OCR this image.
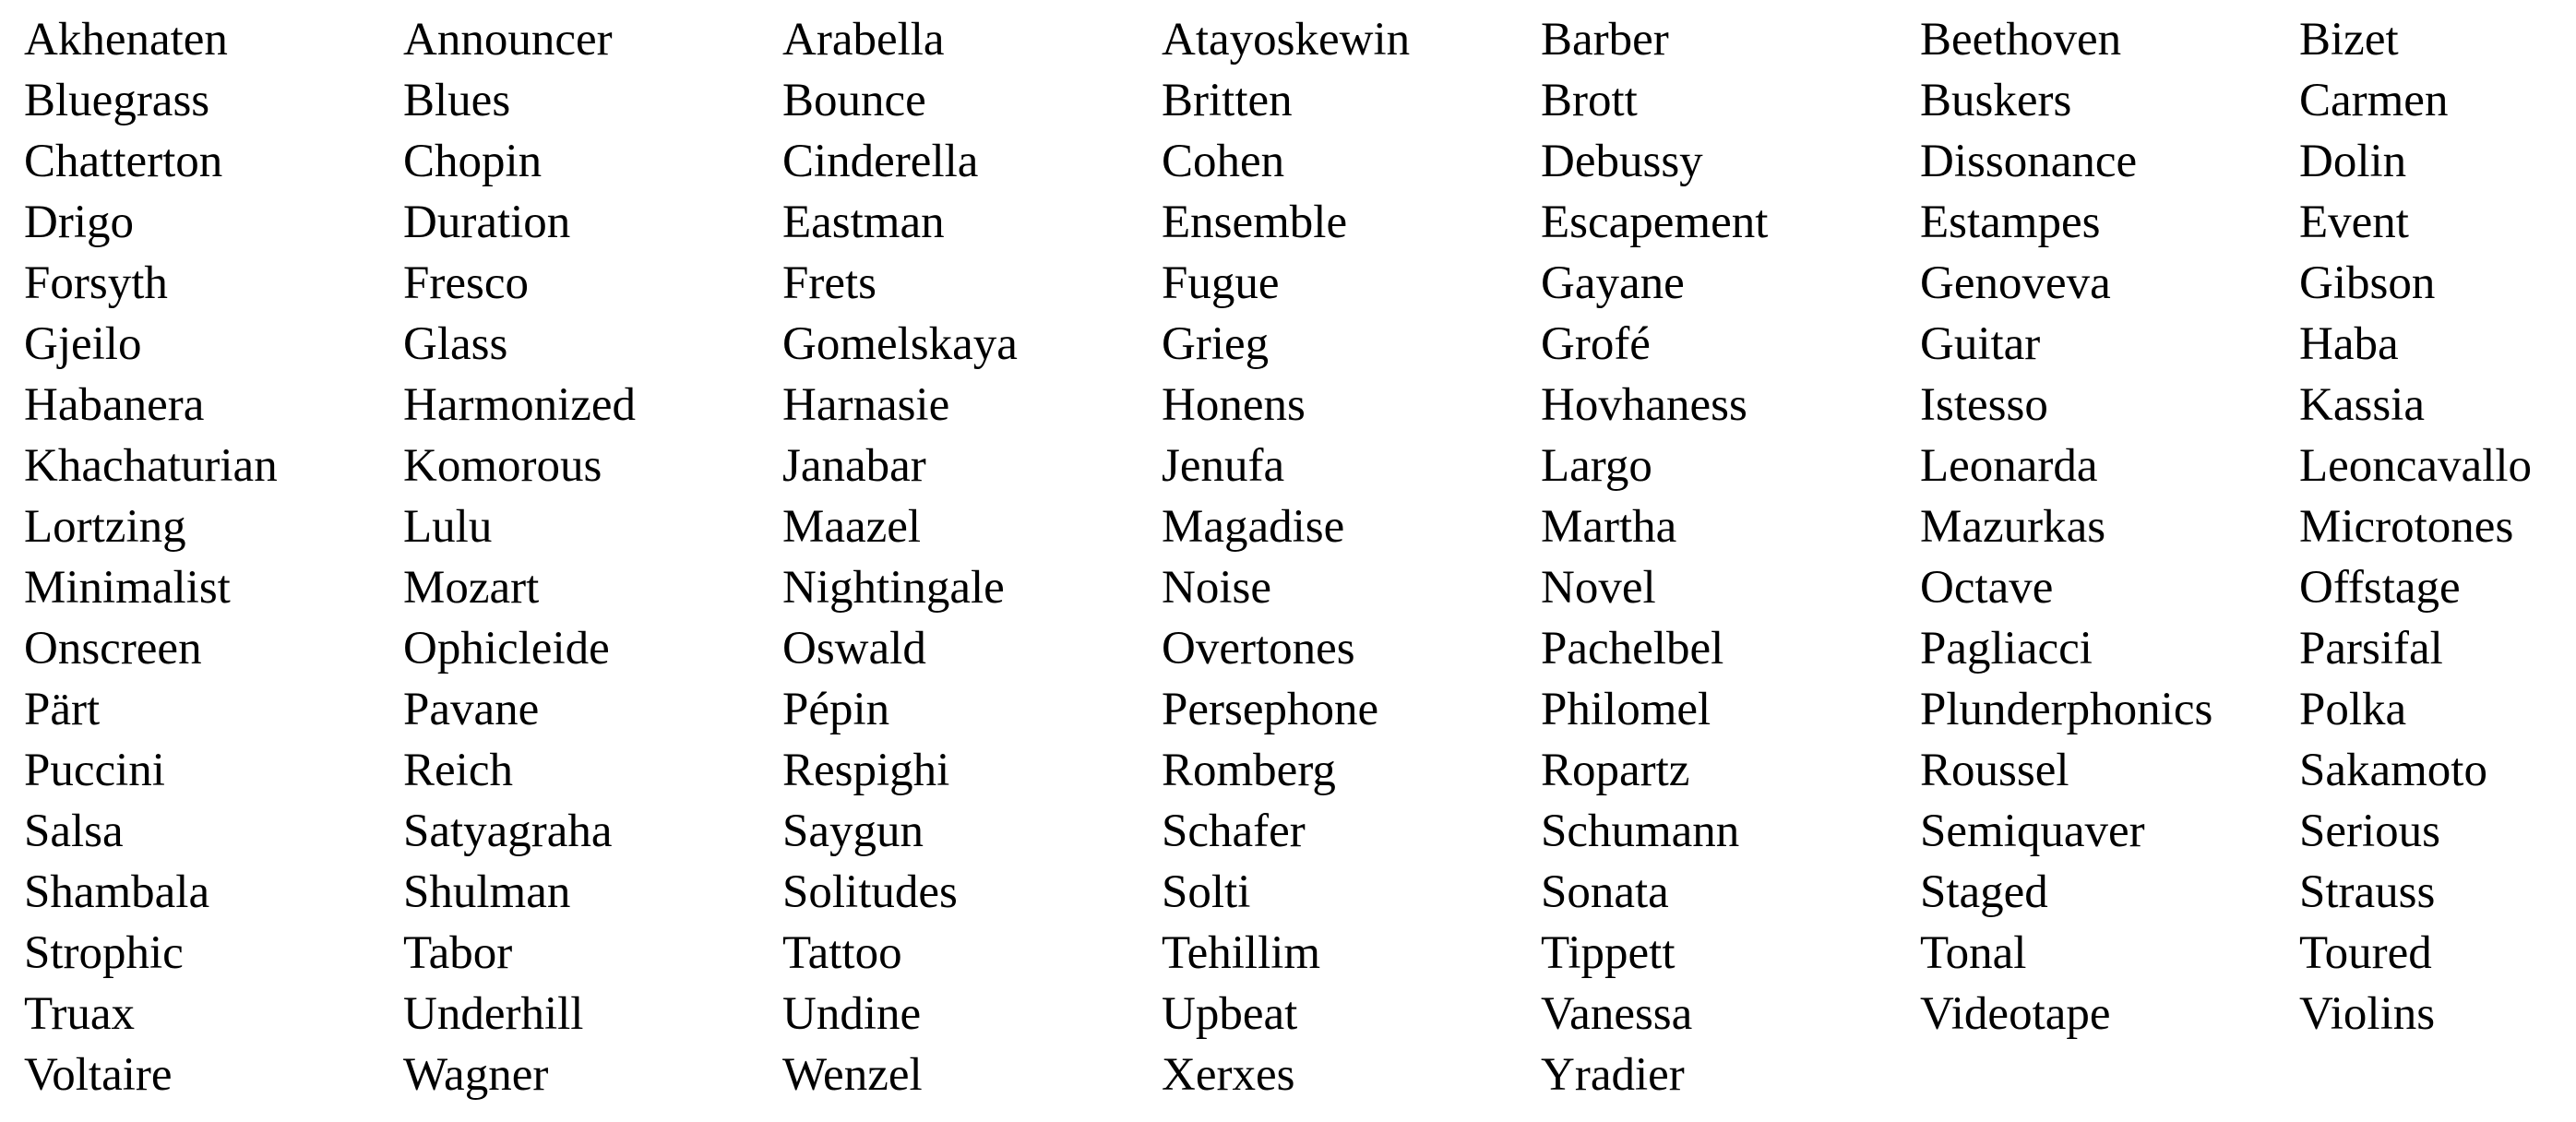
Akhenaten	Announcer	Arabella	Atayoskewin	Barber	Beethoven	Bizet
Bluegrass	Blues	Bounce	Britten	Brott	Buskers	Carmen
Chatterton	Chopin	Cinderella	Cohen	Debussy	Dissonance	Dolin
Drigo	Duration	Eastman	Ensemble	Escapement	Estampes	Event
Forsyth	Fresco	Frets	Fugue	Gayane	Genoveva	Gibson
Gjeilo	Glass	Gomelskaya	Grieg	Grofé	Guitar	Haba
Habanera	Harmonized	Harnasie	Honens	Hovhaness	Istesso	Kassia
Khachaturian	Komorous	Janabar	Jenufa	Largo	Leonarda	Leoncavallo
Lortzing	Lulu	Maazel	Magadise	Martha	Mazurkas	Microtones
Minimalist	Mozart	Nightingale	Noise	Novel	Octave	Offstage
Onscreen	Ophicleide	Oswald	Overtones	Pachelbel	Pagliacci	Parsifal
Pärt	Pavane	Pépin	Persephone	Philomel	Plunderphonics	Polka
Puccini	Reich	Respighi	Romberg	Ropartz	Roussel	Sakamoto
Salsa	Satyagraha	Saygun	Schafer	Schumann	Semiquaver	Serious
Shambala	Shulman	Solitudes	Solti	Sonata	Staged	Strauss
Strophic	Tabor	Tattoo	Tehillim	Tippett	Tonal	Toured
Truax	Underhill	Undine	Upbeat	Vanessa	Videotape	Violins
Voltaire	Wagner	Wenzel	Xerxes	Yradier
